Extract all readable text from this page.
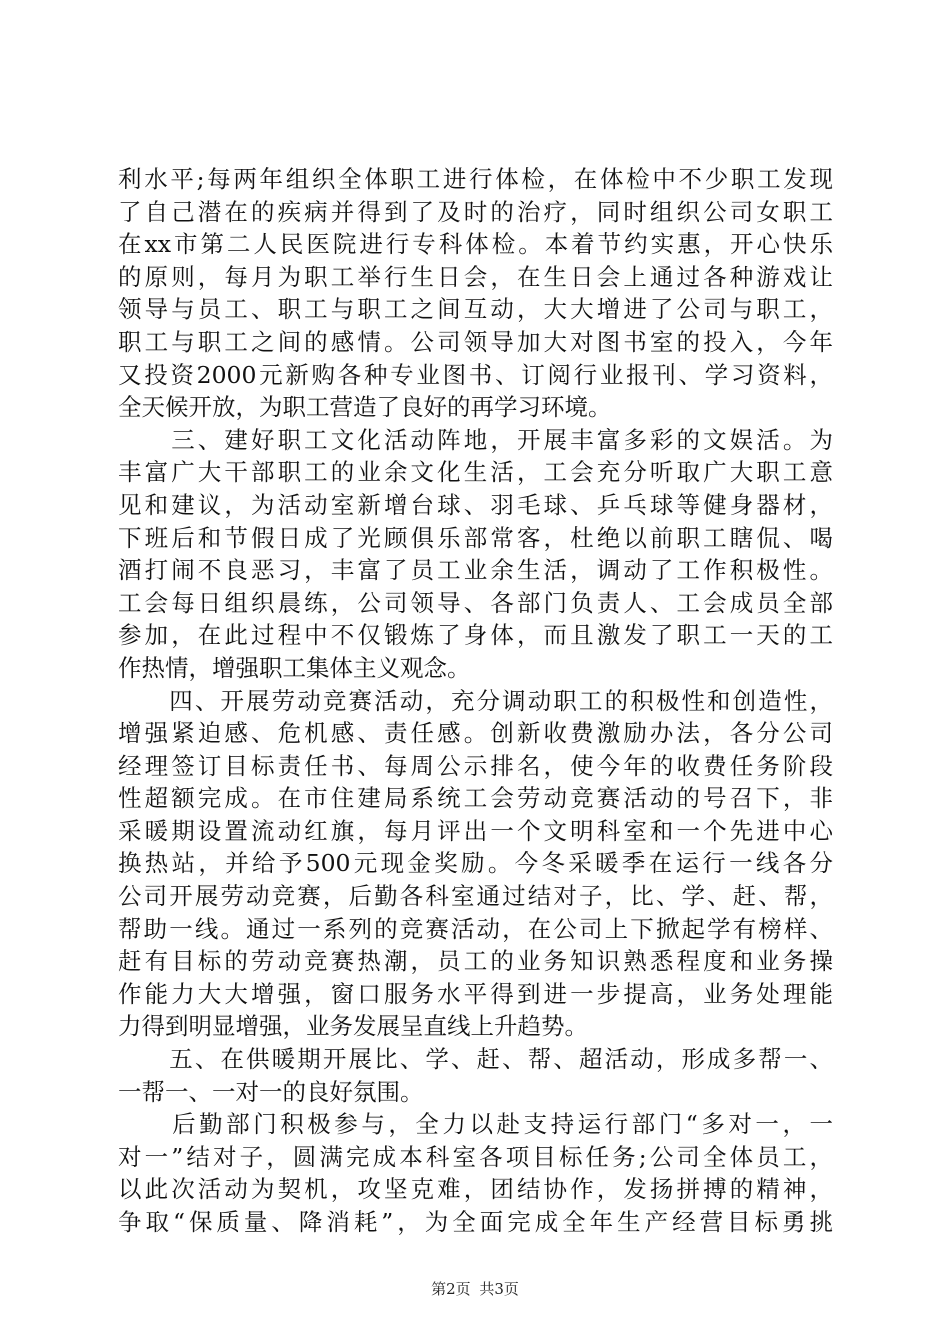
利水平;每两年组织全体职工进行体检，在体检中不少职工发现
了自己潜在的疾病并得到了及时的治疗，同时组织公司女职工
在xx市第二人民医院进行专科体检。本着节约实惠，开心快乐
的原则，每月为职工举行生日会，在生日会上通过各种游戏让
领导与员工、职工与职工之间互动，大大增进了公司与职工，
职工与职工之间的感情。公司领导加大对图书室的投入，今年
又投资2000元新购各种专业图书、订阅行业报刊、学习资料，
全天候开放，为职工营造了良好的再学习环境。
　　三、建好职工文化活动阵地，开展丰富多彩的文娱活。为
丰富广大干部职工的业余文化生活，工会充分听取广大职工意
见和建议，为活动室新增台球、羽毛球、乒乓球等健身器材，
下班后和节假日成了光顾俱乐部常客，杜绝以前职工瞎侃、喝
酒打闹不良恶习，丰富了员工业余生活，调动了工作积极性。
工会每日组织晨练，公司领导、各部门负责人、工会成员全部
参加，在此过程中不仅锻炼了身体，而且激发了职工一天的工
作热情，增强职工集体主义观念。
　　四、开展劳动竞赛活动，充分调动职工的积极性和创造性，
增强紧迫感、危机感、责任感。创新收费激励办法，各分公司
经理签订目标责任书、每周公示排名，使今年的收费任务阶段
性超额完成。在市住建局系统工会劳动竞赛活动的号召下，非
采暖期设置流动红旗，每月评出一个文明科室和一个先进中心
换热站，并给予500元现金奖励。今冬采暖季在运行一线各分
公司开展劳动竞赛，后勤各科室通过结对子，比、学、赶、帮，
帮助一线。通过一系列的竞赛活动，在公司上下掀起学有榜样、
赶有目标的劳动竞赛热潮，员工的业务知识熟悉程度和业务操
作能力大大增强，窗口服务水平得到进一步提高，业务处理能
力得到明显增强，业务发展呈直线上升趋势。
　　五、在供暖期开展比、学、赶、帮、超活动，形成多帮一、
一帮一、一对一的良好氛围。
　　后勤部门积极参与，全力以赴支持运行部门“多对一，一
对一”结对子，圆满完成本科室各项目标任务;公司全体员工，
以此次活动为契机，攻坚克难，团结协作，发扬拼搏的精神，
争取“保质量、降消耗”，为全面完成全年生产经营目标勇挑
第2页 共3页
